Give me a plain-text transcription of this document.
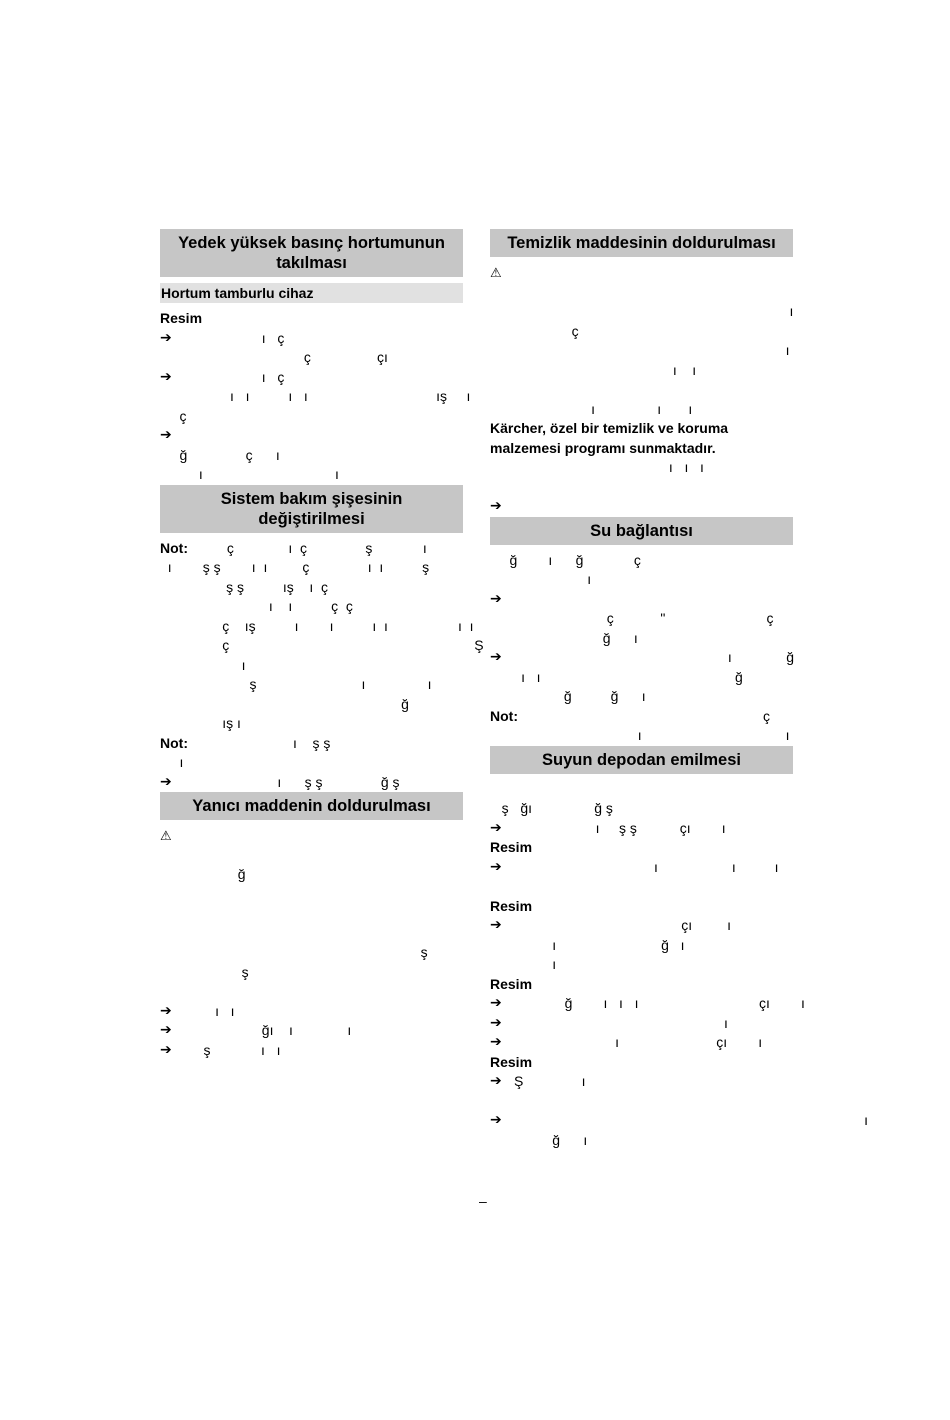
Yedek yüksek basınç hortumunun takılması
Hortum tamburlu cihaz
Resim
➔ ı   ç
ç                 çı
➔ ı   ç
ı   ı          ı   ı                                 ış     ı
ç
➔
ğ               ç      ı
ı                                  ı
Sistem bakım şişesinin değiştirilmesi
Not:          ç              ı  ç               ş             ı
ı        ş ş        ı  ı         ç               ı  ı          ş
ş ş          ış    ı  ç
ı    ı          ç  ç
ç    ış          ı        ı          ı  ı                  ı  ı
ç                                                               Ş
ı
ş                           ı                ı
ğ
ış ı
Not:                           ı    ş ş
ı
➔ ı      ş ş               ğ ş
Yanıcı maddenin doldurulması
⚠
ğ
ş
ş
➔ ı   ı
➔ ğı    ı              ı
➔ ş             ı   ı
Temizlik maddesinin doldurulması
⚠
ı
ç
ı
ı    ı
ı                ı       ı
Kärcher, özel bir temizlik ve koruma
malzemesi programı sunmaktadır.
ı   ı   ı
➔
Su bağlantısı
ğ        ı      ğ             ç
ı
➔
ç            "                          ç
ğ      ı
➔ ı              ğ
ı   ı                                                  ğ
ğ          ğ      ı
Not:                                                               ç
ı                                     ı
Suyun depodan emilmesi
ş   ğı                ğ ş
➔ ı     ş ş           çı        ı
Resim
➔ ı                   ı          ı
Resim
➔ çı         ı
ı                           ğ   ı
ı
Resim
➔ ğ        ı   ı   ı                               çı        ı
➔ ı
➔ ı                         çı        ı
Resim
➔ Ş               ı
➔ ı
ğ      ı
–
